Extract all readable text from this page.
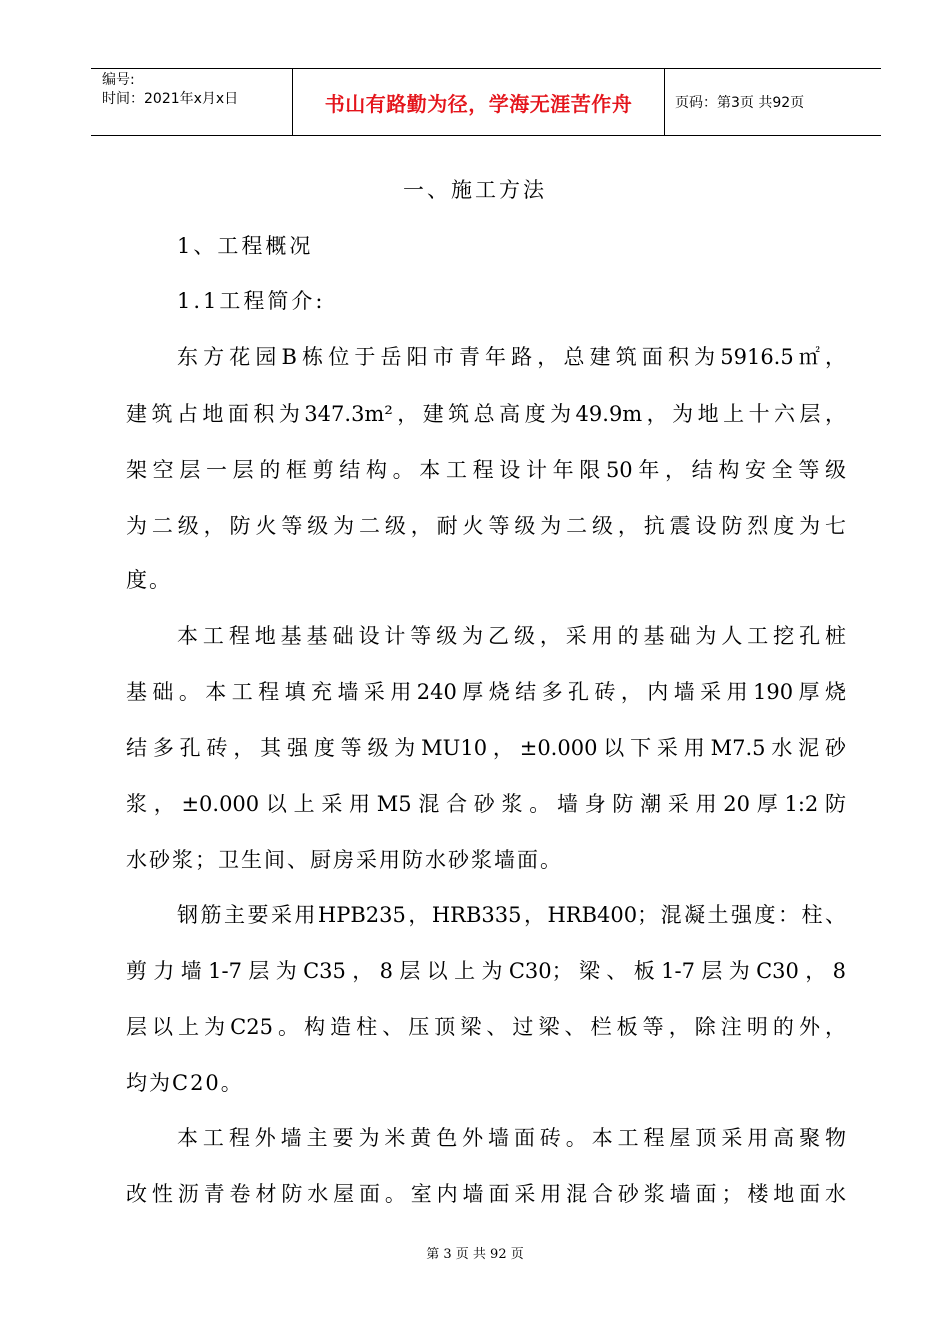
编号:
时间：2021年x月x日	书山有路勤为径，学海无涯苦作舟	页码：第3页 共92页
一、施工方法
1、工程概况
1.1工程简介:
东方花园B栋位于岳阳市青年路，总建筑面积为5916.5㎡，
建筑占地面积为347.3m²，建筑总高度为49.9m，为地上十六层，
架空层一层的框剪结构。本工程设计年限50年，结构安全等级
为二级，防火等级为二级，耐火等级为二级，抗震设防烈度为七
度。
本工程地基基础设计等级为乙级，采用的基础为人工挖孔桩
基础。本工程填充墙采用240厚烧结多孔砖，内墙采用190厚烧
结多孔砖，其强度等级为MU10，±0.000以下采用M7.5水泥砂
浆，±0.000以上采用M5混合砂浆。墙身防潮采用20厚1:2防
水砂浆；卫生间、厨房采用防水砂浆墙面。
钢筋主要采用HPB235，HRB335，HRB400；混凝土强度：柱、
剪力墙1-7层为C35，8层以上为C30；梁、板1-7层为C30，8
层以上为C25。构造柱、压顶梁、过梁、栏板等，除注明的外，
均为C20。
本工程外墙主要为米黄色外墙面砖。本工程屋顶采用高聚物
改性沥青卷材防水屋面。室内墙面采用混合砂浆墙面；楼地面水
第 3 页 共 92 页
